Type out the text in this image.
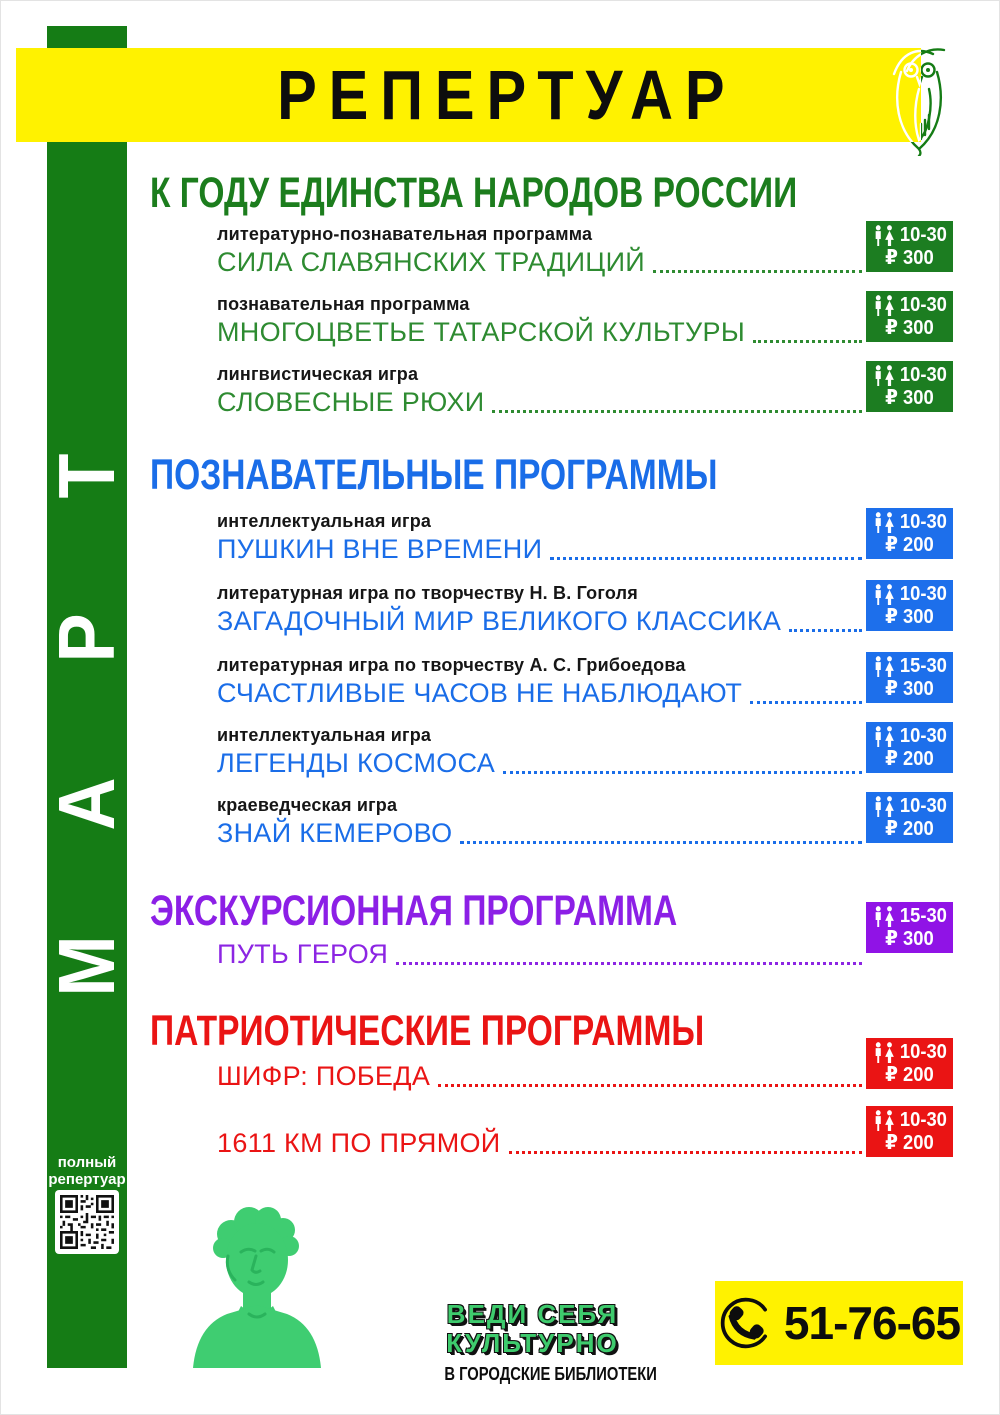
полный
репертуар
Т
Р
А
М
РЕПЕРТУАР
К ГОДУ ЕДИНСТВА НАРОДОВ РОССИИ
литературно-познавательная программа
СИЛА СЛАВЯНСКИХ ТРАДИЦИЙ
познавательная программа
МНОГОЦВЕТЬЕ ТАТАРСКОЙ КУЛЬТУРЫ
лингвистическая игра
СЛОВЕСНЫЕ РЮХИ
ПОЗНАВАТЕЛЬНЫЕ ПРОГРАММЫ
интеллектуальная игра
ПУШКИН ВНЕ ВРЕМЕНИ
литературная игра по творчеству Н. В. Гоголя
ЗАГАДОЧНЫЙ МИР ВЕЛИКОГО КЛАССИКА
литературная игра по творчеству А. С. Грибоедова
СЧАСТЛИВЫЕ ЧАСОВ НЕ НАБЛЮДАЮТ
интеллектуальная игра
ЛЕГЕНДЫ КОСМОСА
краеведческая игра
ЗНАЙ КЕМЕРОВО
ЭКСКУРСИОННАЯ ПРОГРАММА
ПУТЬ ГЕРОЯ
ПАТРИОТИЧЕСКИЕ ПРОГРАММЫ
ШИФР: ПОБЕДА
1611 КМ ПО ПРЯМОЙ
10-30
₽ 300
10-30
₽ 300
10-30
₽ 300
10-30
₽ 200
10-30
₽ 300
15-30
₽ 300
10-30
₽ 200
10-30
₽ 200
15-30
₽ 300
10-30
₽ 200
10-30
₽ 200
ВЕДИ СЕБЯ
КУЛЬТУРНО
В ГОРОДСКИЕ БИБЛИОТЕКИ
51-76-65
